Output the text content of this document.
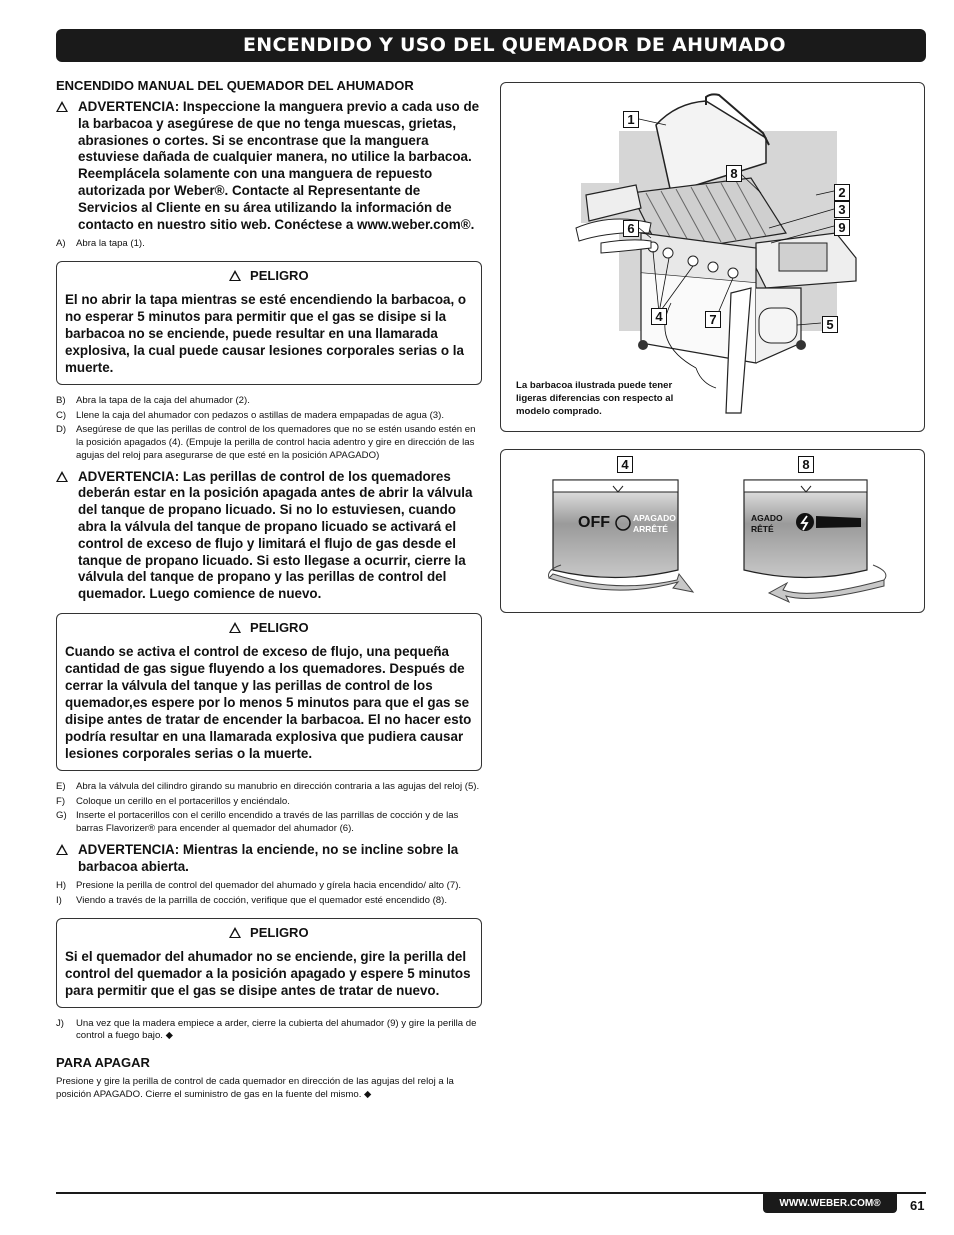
ENCENDIDO Y USO DEL QUEMADOR DE AHUMADO
ENCENDIDO MANUAL DEL QUEMADOR DEL AHUMADOR
ADVERTENCIA: Inspeccione la manguera previo a cada uso de la barbacoa y asegúrese de que no tenga muescas, grietas, abrasiones o cortes. Si se encontrase que la manguera estuviese dañada de cualquier manera, no utilice la barbacoa. Reemplácela solamente con una manguera de repuesto autorizada por Weber®. Contacte al Representante de Servicios al Cliente en su área utilizando la información de contacto en nuestro sitio web. Conéctese a www.weber.com®.
A)	Abra la tapa (1).
PELIGRO
El no abrir la tapa mientras se esté encendiendo la barbacoa, o no esperar 5 minutos para permitir que el gas se disipe si la barbacoa no se enciende, puede resultar en una llamarada explosiva, la cual puede causar lesiones corporales serias o la muerte.
B)	Abra la tapa de la caja del ahumador (2).
C)	Llene la caja del ahumador con pedazos o astillas de madera empapadas de agua (3).
D)	Asegúrese de que las perillas de control de los quemadores que no se estén usando estén en la posición apagados (4). (Empuje la perilla de control hacia adentro y gire en dirección de las agujas del reloj para asegurarse de que esté en la posición APAGADO)
ADVERTENCIA: Las perillas de control de los quemadores deberán estar en la posición apagada antes de abrir la válvula del tanque de propano licuado. Si no lo estuviesen, cuando abra la válvula del tanque de propano licuado se activará el control de exceso de flujo y limitará el flujo de gas desde el tanque de propano licuado. Si esto llegase a ocurrir, cierre la válvula del tanque de propano y las perillas de control del quemador. Luego comience de nuevo.
PELIGRO
Cuando se activa el control de exceso de flujo, una pequeña cantidad de gas sigue fluyendo a los quemadores. Después de cerrar la válvula del tanque y las perillas de control de los quemador,es espere por lo menos 5 minutos para que el gas se disipe antes de tratar de encender la barbacoa. El no hacer esto podría resultar en una llamarada explosiva que pudiera causar lesiones corporales serias o la muerte.
E)	Abra la válvula del cilindro girando su manubrio en dirección contraria a las agujas del reloj (5).
F)	Coloque un cerillo en el portacerillos y enciéndalo.
G) Inserte el portacerillos con el cerillo encendido a través de las parrillas de cocción y de las barras Flavorizer® para encender al quemador del ahumador (6).
ADVERTENCIA: Mientras la enciende, no se incline sobre la barbacoa abierta.
H)	Presione la perilla de control del quemador del ahumado y gírela hacia encendido/ alto (7).
I)	Viendo a través de la parrilla de cocción, verifique que el quemador esté encendido (8).
PELIGRO
Si el quemador del ahumador no se enciende, gire la perilla del control del quemador a la posición apagado y espere 5 minutos para permitir que el gas se disipe antes de tratar de nuevo.
J)	Una vez que la madera empiece a arder, cierre la cubierta del ahumador (9) y gire la perilla de control a fuego bajo. ◆
PARA APAGAR
Presione y gire la perilla de control de cada quemador en dirección de las agujas del reloj a la posición APAGADO. Cierre el suministro de gas en la fuente del mismo. ◆
1
8
2
3
9
6
4	7	5
La barbacoa ilustrada puede tener ligeras diferencias con respecto al modelo comprado.
4	8
OFF	APAGADO
ARRÊTÉ
AGADO
RÊTÉ
WWW.WEBER.COM®	61
